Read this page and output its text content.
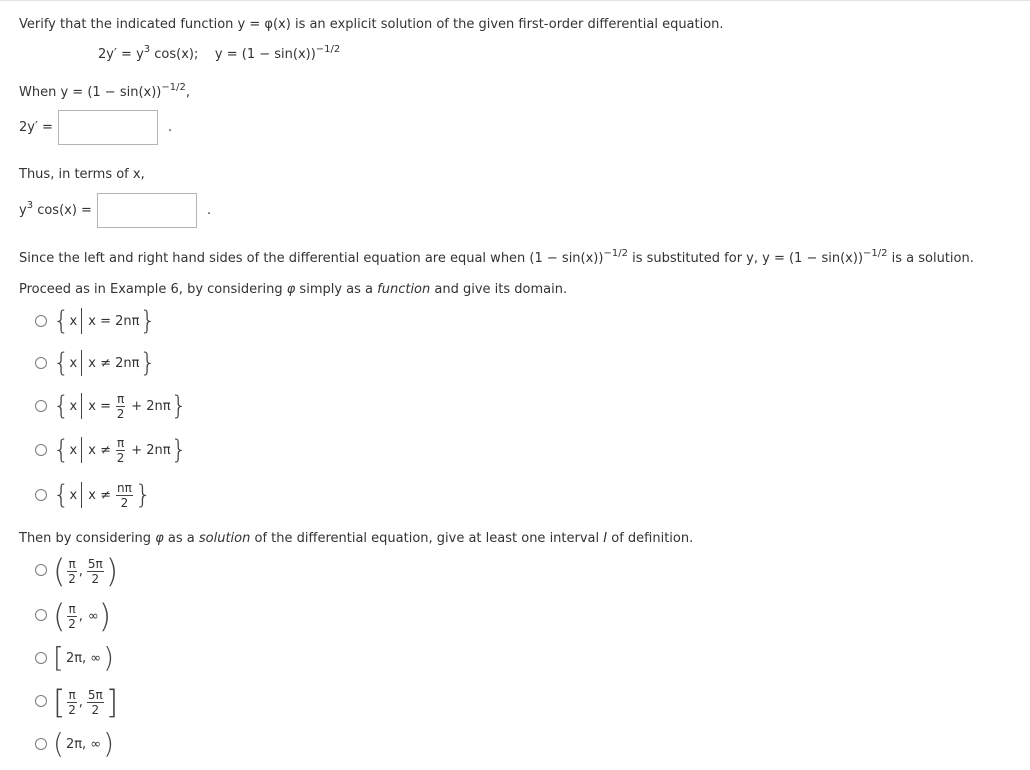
Verify that the indicated function y = φ(x) is an explicit solution of the given first-order differential equation.
$2y' = y^3$ cos(x);    $y = (1 - \sin(x))^{-1/2}$
When $y = (1 - \sin(x))^{-1/2}$,
2y′ =	.
Thus, in terms of x,
$y^3$ cos(x) =	.
Since the left and right hand sides of the differential equation are equal when $(1 - \sin(x))^{-1/2}$ is substituted for y, $y = (1 - \sin(x))^{-1/2}$ is a solution.
Proceed as in Example 6, by considering φ simply as a function and give its domain.
{ x x = 2nπ }
{ x x ≠ 2nπ }
{ x $x = \frac{\pi}{2} + 2n\pi$ }
{ x $x \ne \frac{\pi}{2} + 2n\pi$ }
{ x $x \ne \frac{n\pi}{2}$ }
Then by considering φ as a solution of the differential equation, give at least one interval I of definition.
( $\frac{\pi}{2}$ , $\frac{5\pi}{2}$ )
( $\frac{\pi}{2}$ , ∞ )
[ 2π, ∞ )
[ $\frac{\pi}{2}$ , $\frac{5\pi}{2}$ ]
( 2π, ∞ )
